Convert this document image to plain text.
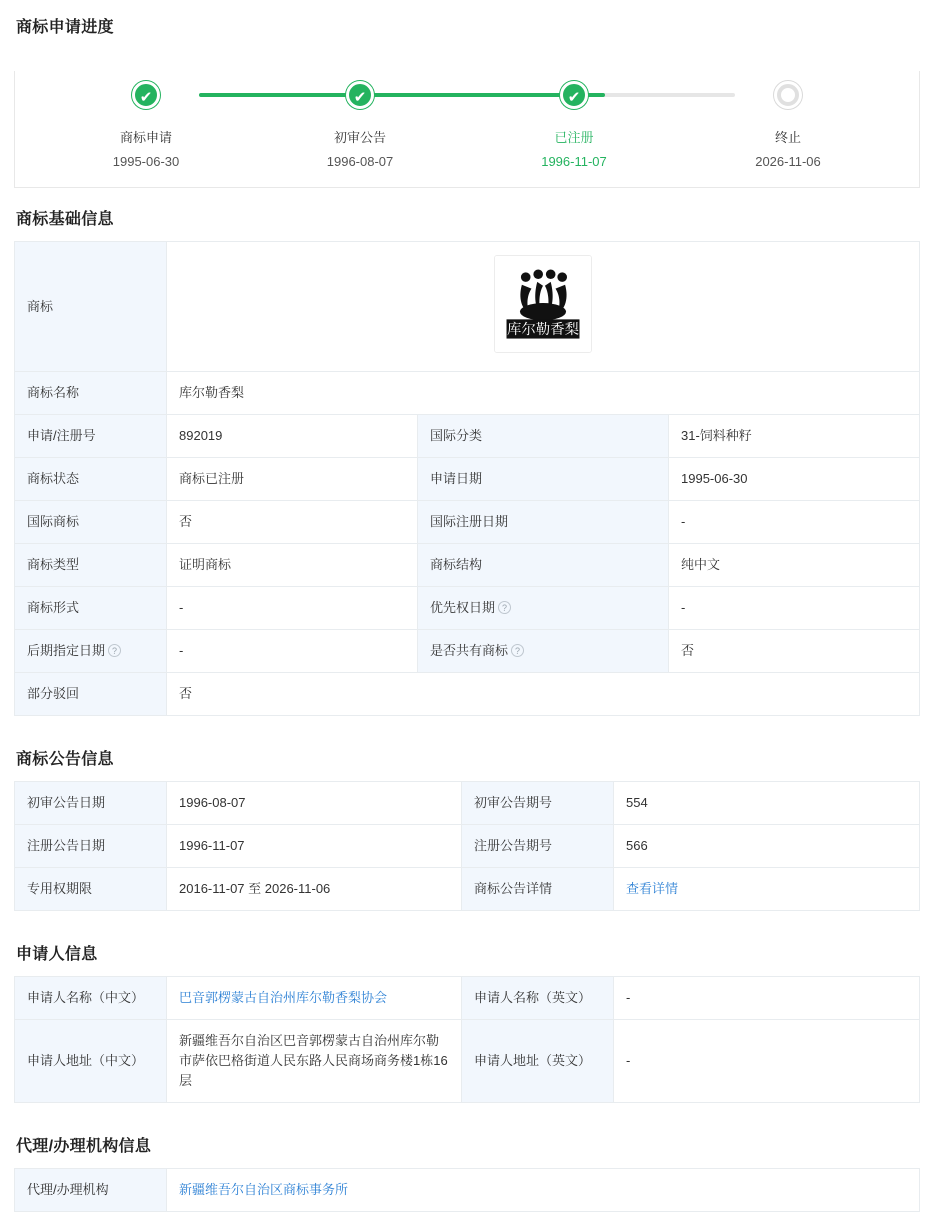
商标申请进度
✔	✔	✔
商标申请
1995-06-30
初审公告
1996-08-07
已注册
1996-11-07
终止
2026-11-06
商标基础信息
商标	库尔勒香梨		

商标名称	库尔勒香梨		
申请/注册号	892019	国际分类	31-饲料种籽
商标状态	商标已注册	申请日期	1995-06-30
国际商标	否	国际注册日期	-
商标类型	证明商标	商标结构	纯中文
商标形式	-	优先权日期 ?	-
后期指定日期 ?	-	是否共有商标 ?	否
部分驳回	否		
商标公告信息
初审公告日期	1996-08-07	初审公告期号	554
注册公告日期	1996-11-07	注册公告期号	566
专用权期限	2016-11-07 至 2026-11-06	商标公告详情	查看详情
申请人信息
申请人名称（中文）	巴音郭楞蒙古自治州库尔勒香梨协会	申请人名称（英文）	-
申请人地址（中文）	新疆维吾尔自治区巴音郭楞蒙古自治州库尔勒市萨依巴格街道人民东路人民商场商务楼1栋16层	申请人地址（英文）	-
代理/办理机构信息
代理/办理机构	新疆维吾尔自治区商标事务所
